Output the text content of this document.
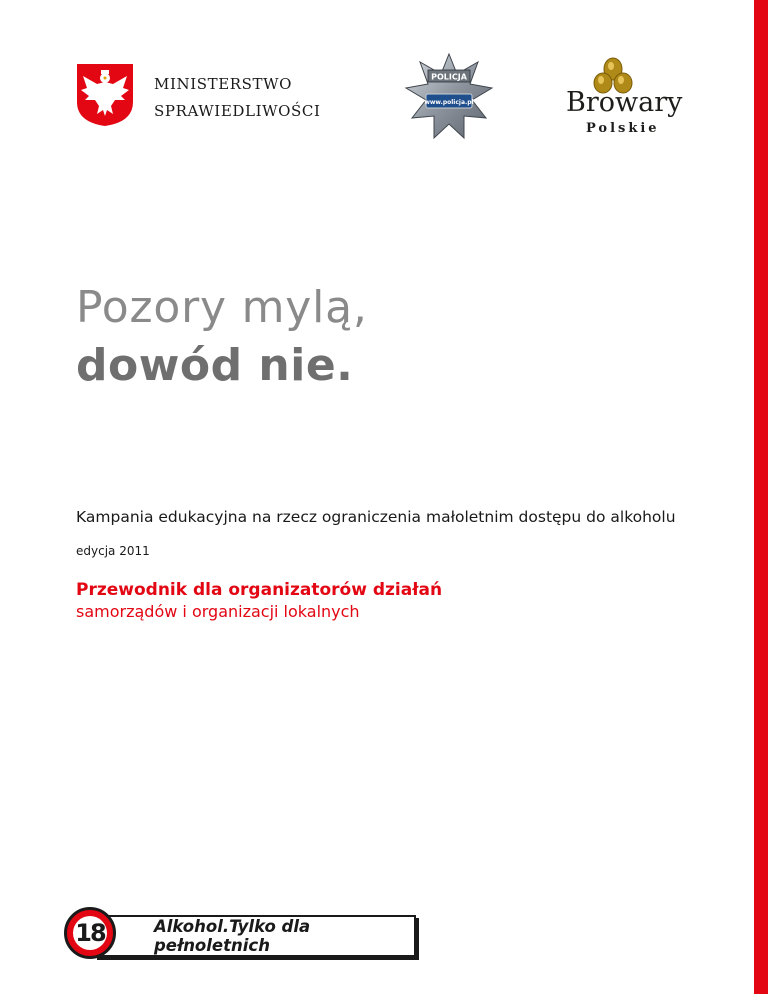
MINISTERSTWO
SPRAWIEDLIWOŚCI
POLICJA
www.policja.pl	Browary
Polskie
Pozory mylą,
dowód nie.
Kampania edukacyjna na rzecz ograniczenia małoletnim dostępu do alkoholu
edycja 2011
Przewodnik dla organizatorów działań
samorządów i organizacji lokalnych
18	Alkohol.Tylko dla pełnoletnich
